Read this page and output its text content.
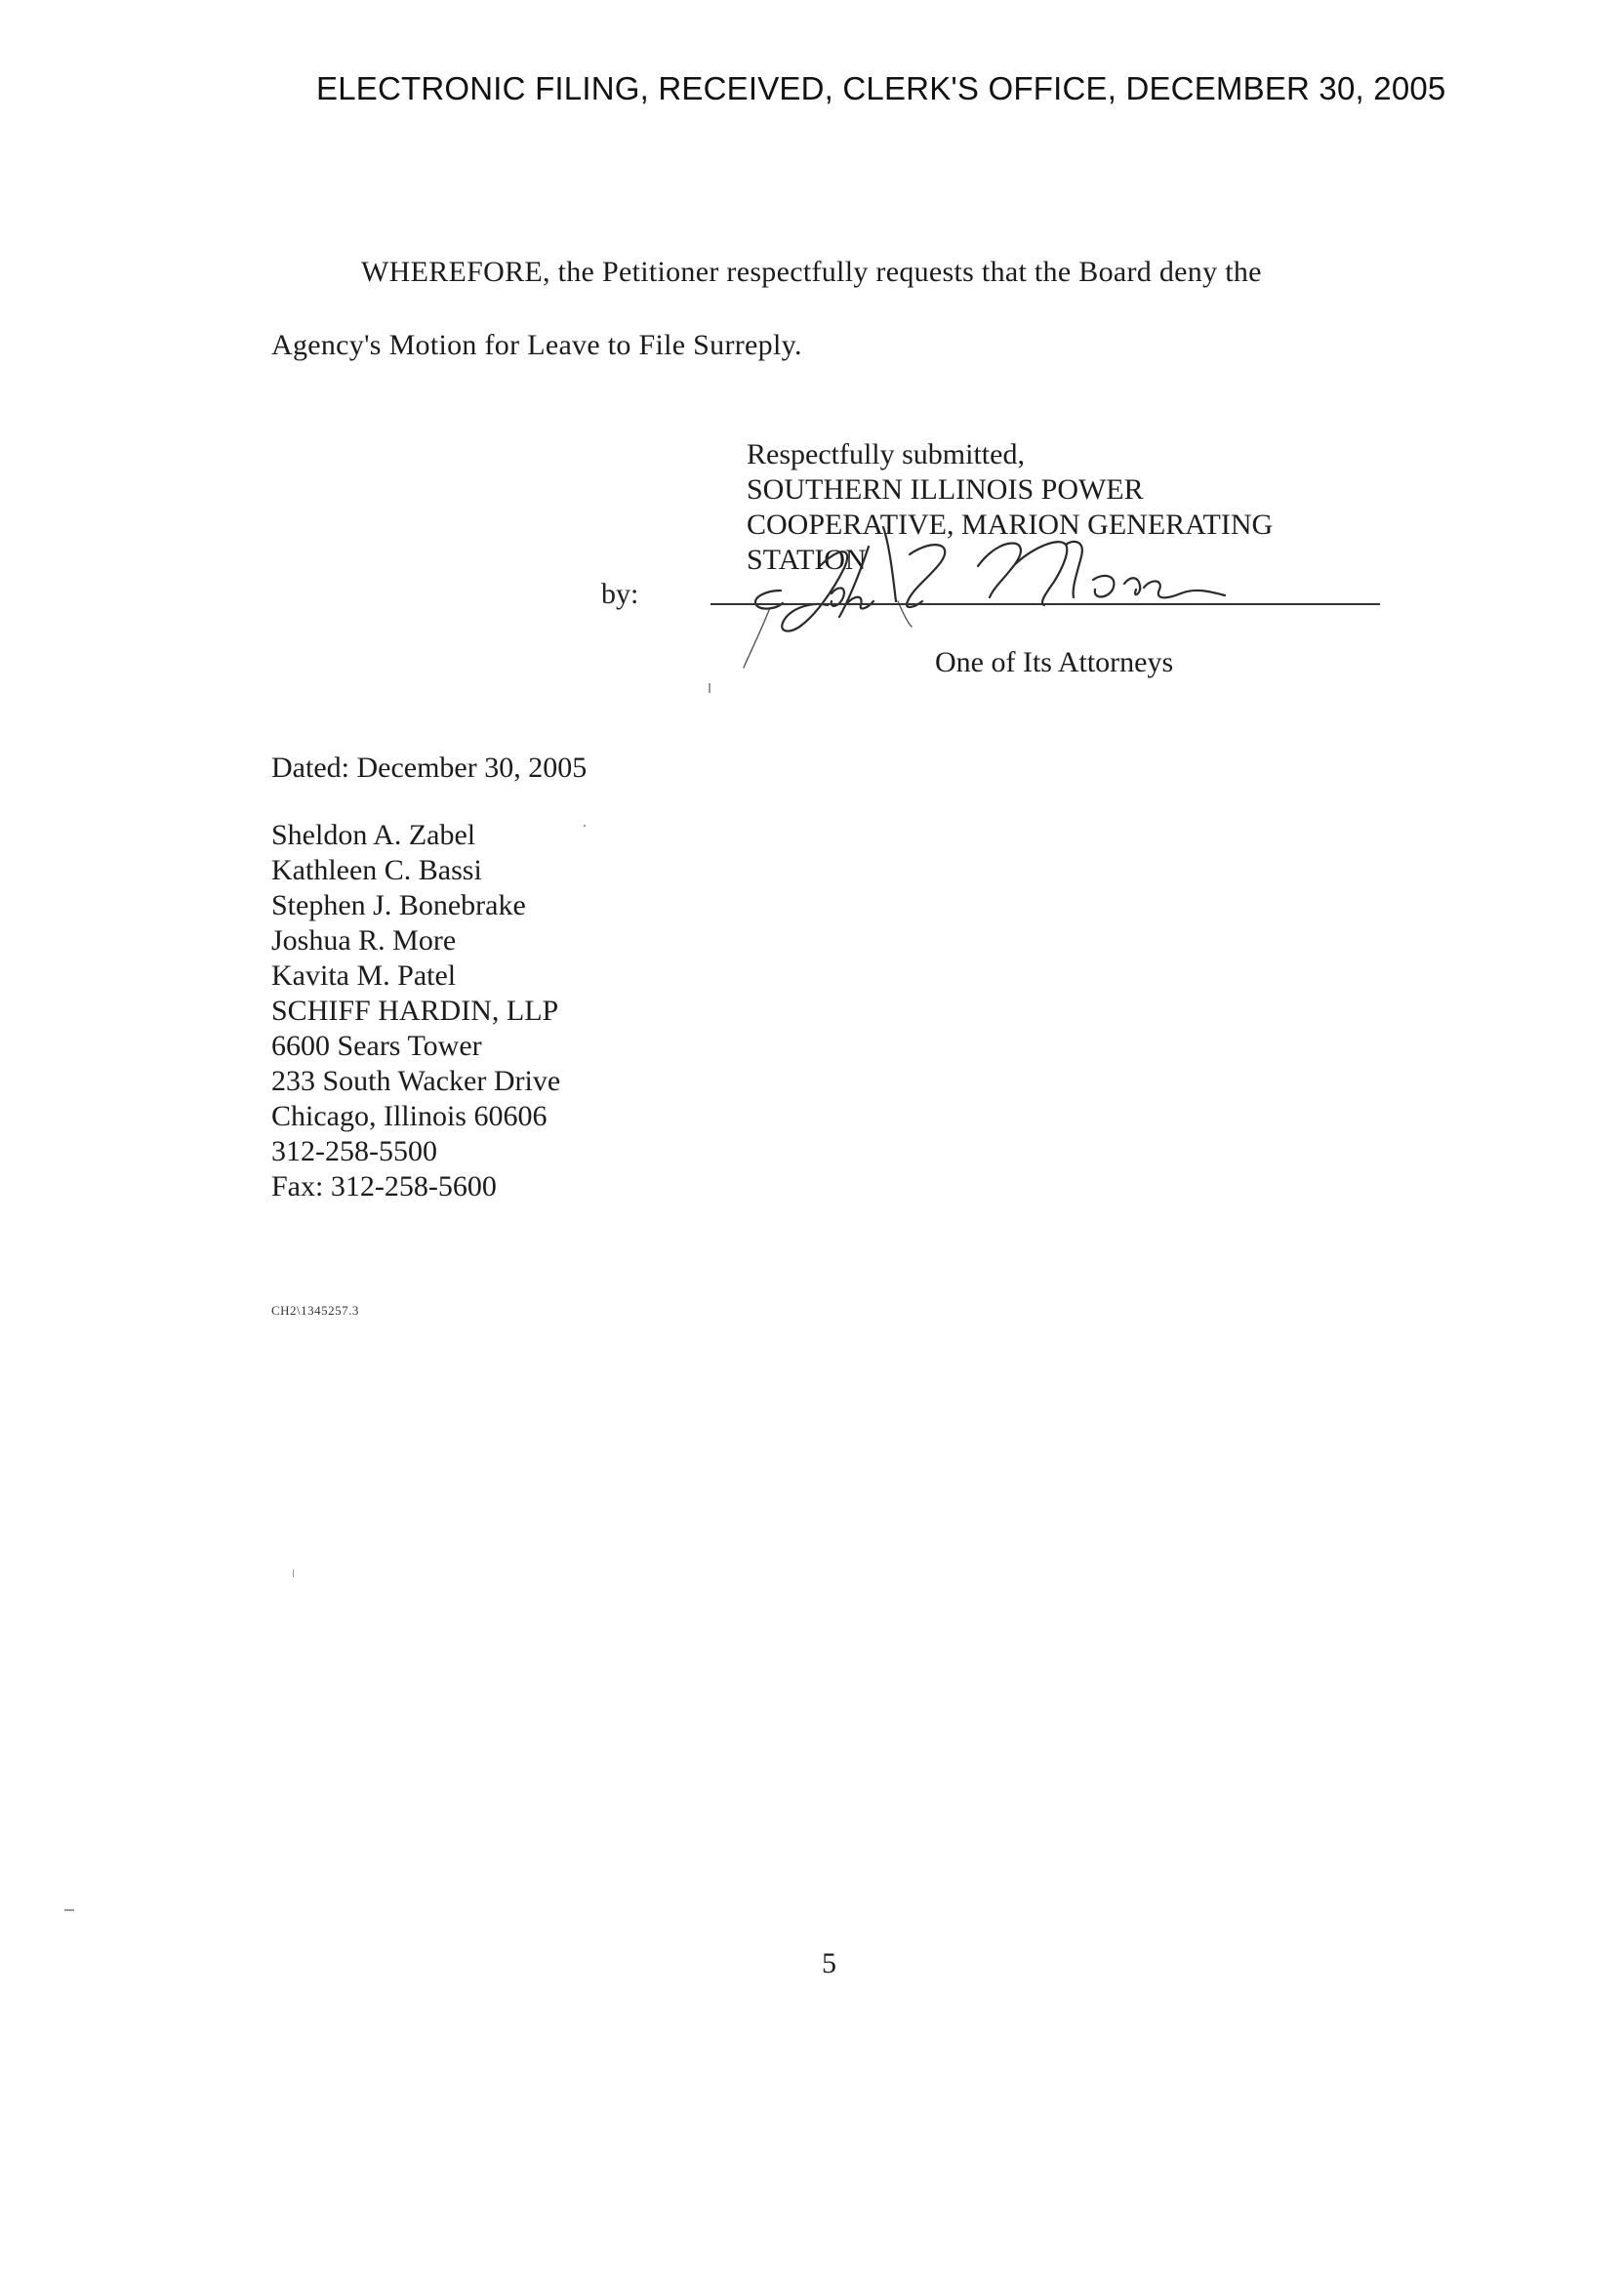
ELECTRONIC FILING, RECEIVED, CLERK'S OFFICE, DECEMBER 30, 2005
WHEREFORE, the Petitioner respectfully requests that the Board deny the
Agency's Motion for Leave to File Surreply.
Respectfully submitted,
SOUTHERN ILLINOIS POWER
COOPERATIVE, MARION GENERATING
STATION
by:
One of Its Attorneys
Dated: December 30, 2005
Sheldon A. Zabel
Kathleen C. Bassi
Stephen J. Bonebrake
Joshua R. More
Kavita M. Patel
SCHIFF HARDIN, LLP
6600 Sears Tower
233 South Wacker Drive
Chicago, Illinois 60606
312-258-5500
Fax: 312-258-5600
CH2\1345257.3
5
